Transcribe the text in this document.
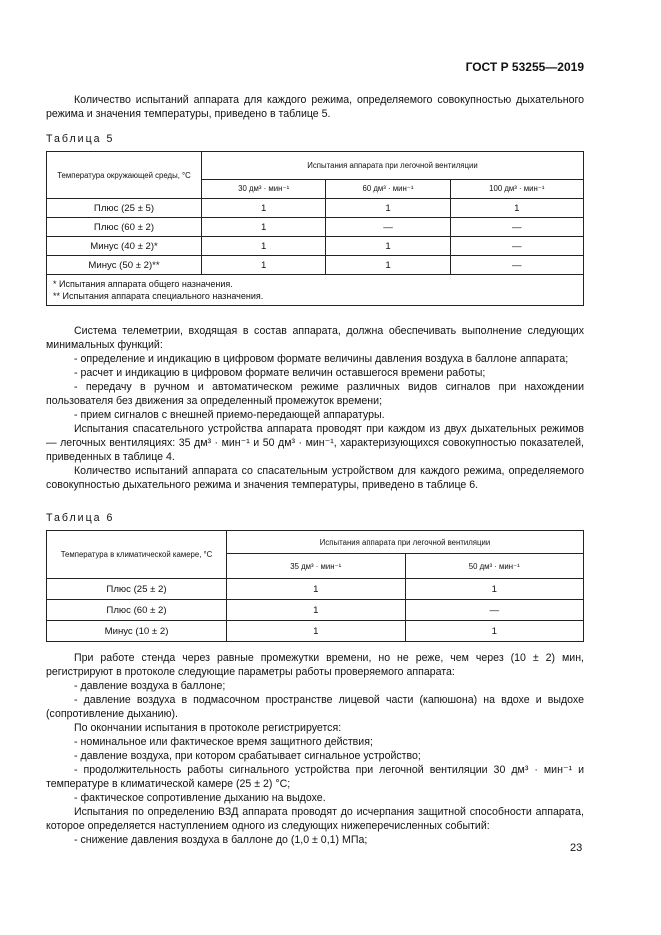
ГОСТ Р 53255—2019

Количество испытаний аппарата для каждого режима, определяемого совокупностью дыхательного режима и значения температуры, приведено в таблице 5.

Таблица 5
Температура окружающей среды, °С	Испытания аппарата при легочной вентиляции		
	30 дм³ · мин⁻¹	60 дм³ · мин⁻¹	100 дм³ · мин⁻¹
Плюс (25 ± 5)	1	1	1
Плюс (60 ± 2)	1	—	—
Минус (40 ± 2)*	1	1	—
Минус (50 ± 2)**	1	1	—

* Испытания аппарата общего назначения.
** Испытания аппарата специального назначения.			

Система телеметрии, входящая в состав аппарата, должна обеспечивать выполнение следующих минимальных функций:

- определение и индикацию в цифровом формате величины давления воздуха в баллоне аппарата;

- расчет и индикацию в цифровом формате величин оставшегося времени работы;

- передачу в ручном и автоматическом режиме различных видов сигналов при нахождении пользователя без движения за определенный промежуток времени;

- прием сигналов с внешней приемо-передающей аппаратуры.

Испытания спасательного устройства аппарата проводят при каждом из двух дыхательных режимов — легочных вентиляциях: 35 дм³ · мин⁻¹ и 50 дм³ · мин⁻¹, характеризующихся совокупностью показателей, приведенных в таблице 4.

Количество испытаний аппарата со спасательным устройством для каждого режима, определяемого совокупностью дыхательного режима и значения температуры, приведено в таблице 6.

Таблица 6
Температура в климатической камере, °С	Испытания аппарата при легочной вентиляции	
	35 дм³ · мин⁻¹	50 дм³ · мин⁻¹
Плюс (25 ± 2)	1	1
Плюс (60 ± 2)	1	—
Минус (10 ± 2)	1	1

При работе стенда через равные промежутки времени, но не реже, чем через (10 ± 2) мин, регистрируют в протоколе следующие параметры работы проверяемого аппарата:

- давление воздуха в баллоне;

- давление воздуха в подмасочном пространстве лицевой части (капюшона) на вдохе и выдохе (сопротивление дыханию).

По окончании испытания в протоколе регистрируется:

- номинальное или фактическое время защитного действия;

- давление воздуха, при котором срабатывает сигнальное устройство;

- продолжительность работы сигнального устройства при легочной вентиляции 30 дм³ · мин⁻¹ и температуре в климатической камере (25 ± 2) °С;

- фактическое сопротивление дыханию на выдохе.

Испытания по определению ВЗД аппарата проводят до исчерпания защитной способности аппарата, которое определяется наступлением одного из следующих нижеперечисленных событий:

- снижение давления воздуха в баллоне до (1,0 ± 0,1) МПа;

23
